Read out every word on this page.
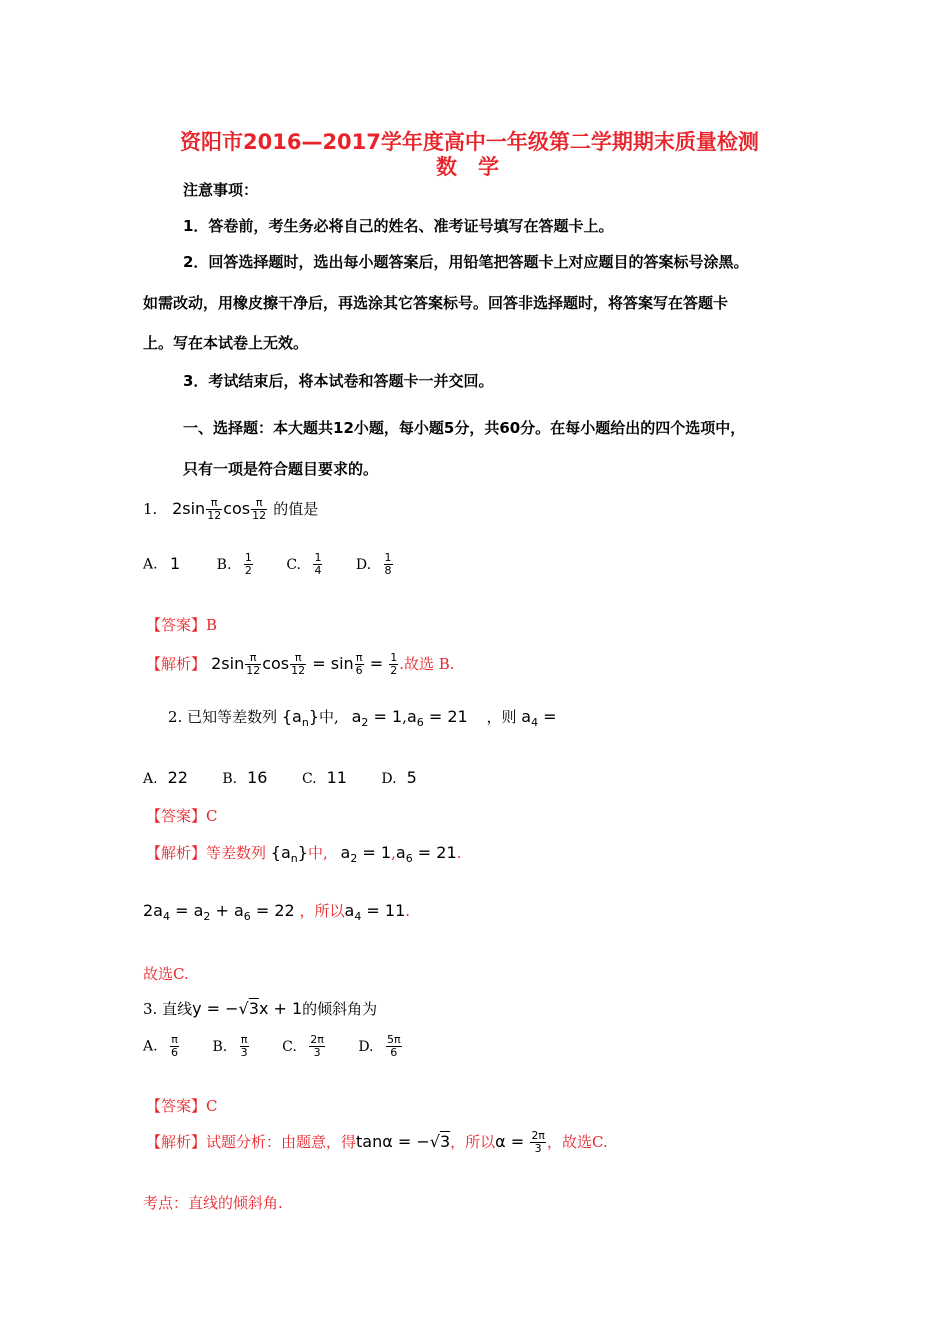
资阳市2016—2017学年度高中一年级第二学期期末质量检测
数　学
注意事项：
1．答卷前，考生务必将自己的姓名、准考证号填写在答题卡上。
2．回答选择题时，选出每小题答案后，用铅笔把答题卡上对应题目的答案标号涂黑。
如需改动，用橡皮擦干净后，再选涂其它答案标号。回答非选择题时，将答案写在答题卡
上。写在本试卷上无效。
3．考试结束后，将本试卷和答题卡一并交回。
一、选择题：本大题共12小题，每小题5分，共60分。在每小题给出的四个选项中，
只有一项是符合题目要求的。
1. $2\sin \frac{\pi}{12}$ $\cos \frac{\pi}{12}$ 的值是
A. 1	B. $\frac{1}{2} C$. $\frac{1}{4} D$. $\frac{1}{8}$
【答案】B
【解析】 $2\sin \frac{\pi}{12}$ $\cos \frac{\pi}{12} = \sin \frac{\pi}{6} = \frac{1}{2}$ .故选 B.
2. 已知等差数列 $\{a_n\}$中, $a_2 = 1,a_6 = 21$ ，则 $a_4$ =
A. 22 B. 16 C. 11 D. 5
【答案】C
【解析】等差数列 $\{a_n\}$中, $a_2 = 1,a_6 = 21$.
$2a_4 = a_2 + a_6 = 22$ ，所以$a_4 = 11$.
故选C.
3. 直线y = −√3x + 1的倾斜角为
A. $\frac{\pi}{6} B$. $\frac{\pi}{3} C$. $\frac{2\pi}{3} D$. $\frac{5\pi}{6}$
【答案】C
【解析】试题分析：由题意，得tanα = −√3，所以$\alpha = \frac{2\pi}{3}$ ，故选C.
考点：直线的倾斜角.
